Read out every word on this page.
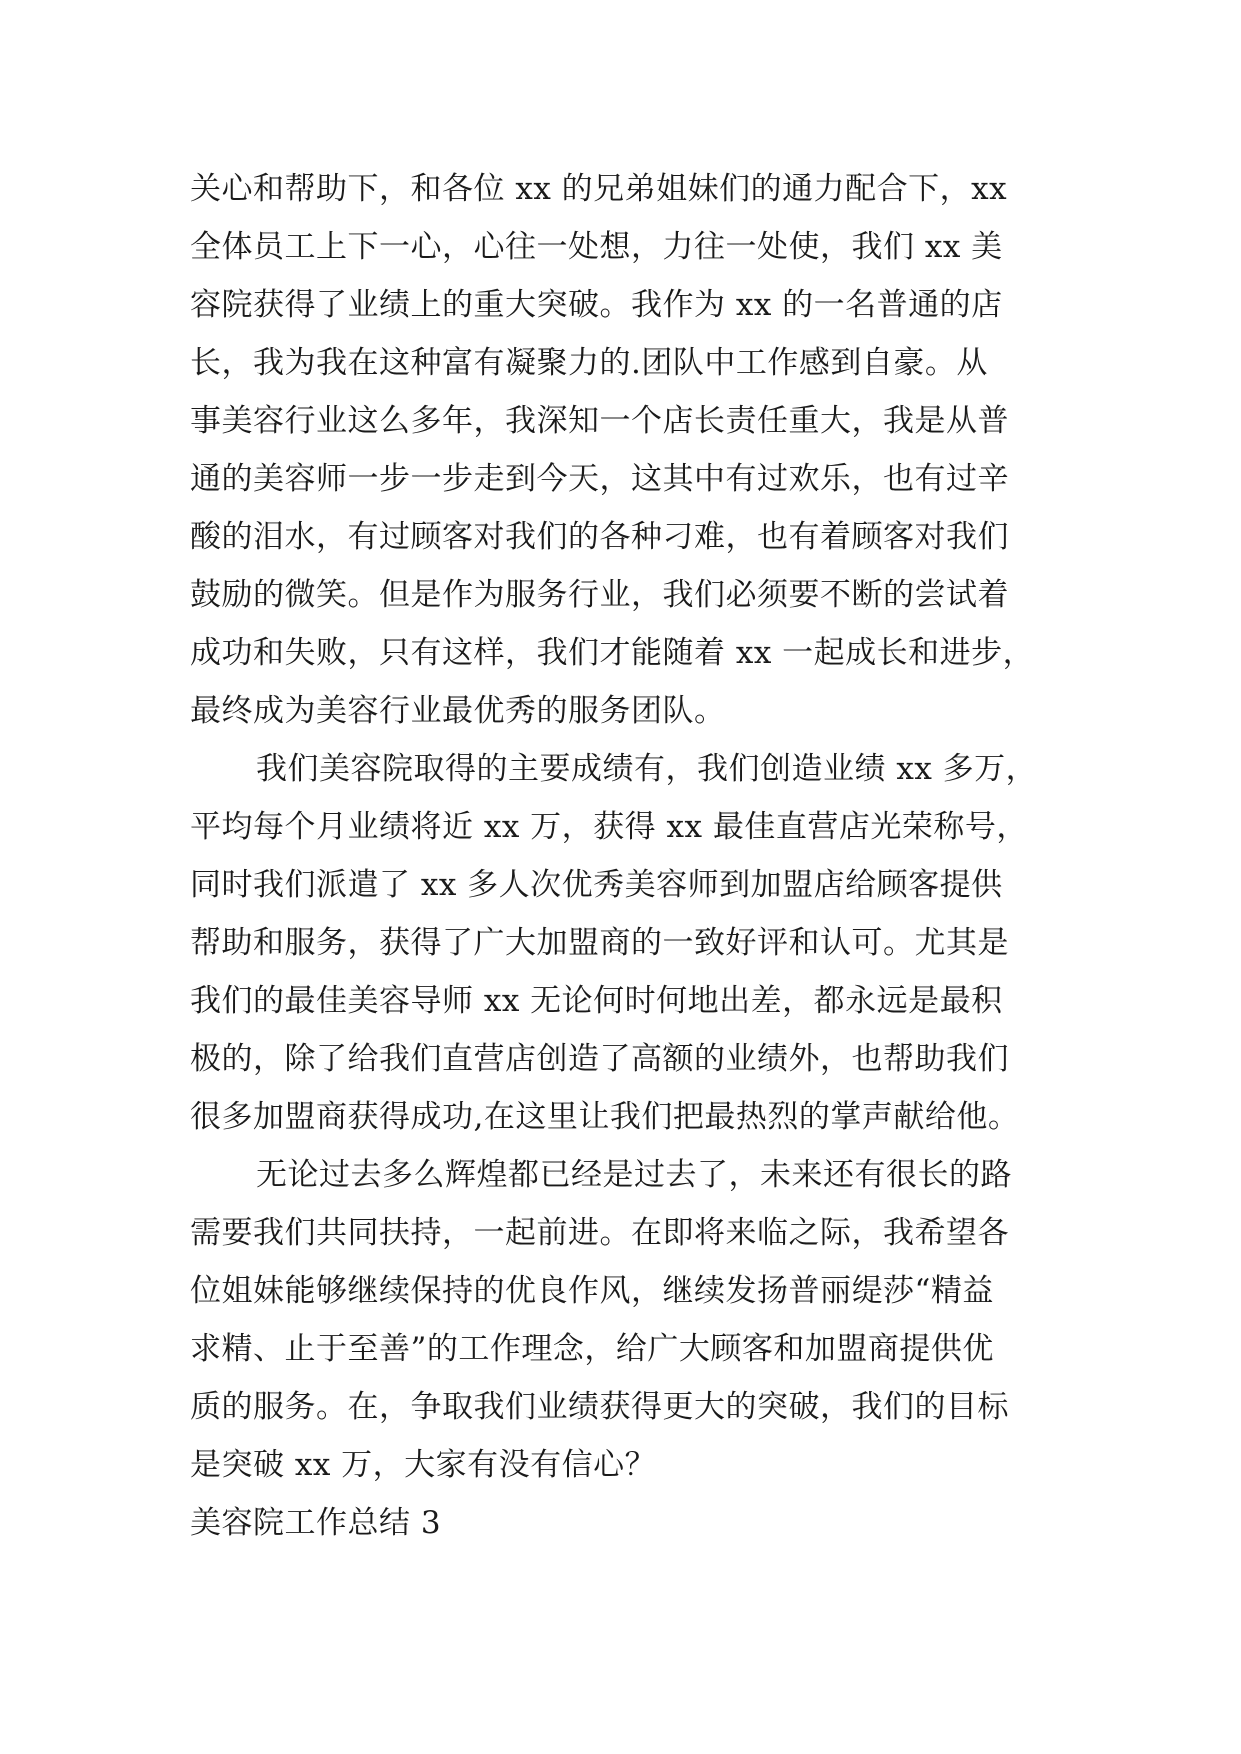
关心和帮助下，和各位 xx 的兄弟姐妹们的通力配合下，xx
全体员工上下一心，心往一处想，力往一处使，我们 xx 美
容院获得了业绩上的重大突破。我作为 xx 的一名普通的店
长，我为我在这种富有凝聚力的.团队中工作感到自豪。从
事美容行业这么多年，我深知一个店长责任重大，我是从普
通的美容师一步一步走到今天，这其中有过欢乐，也有过辛
酸的泪水，有过顾客对我们的各种刁难，也有着顾客对我们
鼓励的微笑。但是作为服务行业，我们必须要不断的尝试着
成功和失败，只有这样，我们才能随着 xx 一起成长和进步，
最终成为美容行业最优秀的服务团队。
我们美容院取得的主要成绩有，我们创造业绩 xx 多万，
平均每个月业绩将近 xx 万，获得 xx 最佳直营店光荣称号，
同时我们派遣了 xx 多人次优秀美容师到加盟店给顾客提供
帮助和服务，获得了广大加盟商的一致好评和认可。尤其是
我们的最佳美容导师 xx 无论何时何地出差，都永远是最积
极的，除了给我们直营店创造了高额的业绩外，也帮助我们
很多加盟商获得成功,在这里让我们把最热烈的掌声献给他。
无论过去多么辉煌都已经是过去了，未来还有很长的路
需要我们共同扶持，一起前进。在即将来临之际，我希望各
位姐妹能够继续保持的优良作风，继续发扬普丽缇莎“精益
求精、止于至善”的工作理念，给广大顾客和加盟商提供优
质的服务。在，争取我们业绩获得更大的突破，我们的目标
是突破 xx 万，大家有没有信心？
美容院工作总结 3
